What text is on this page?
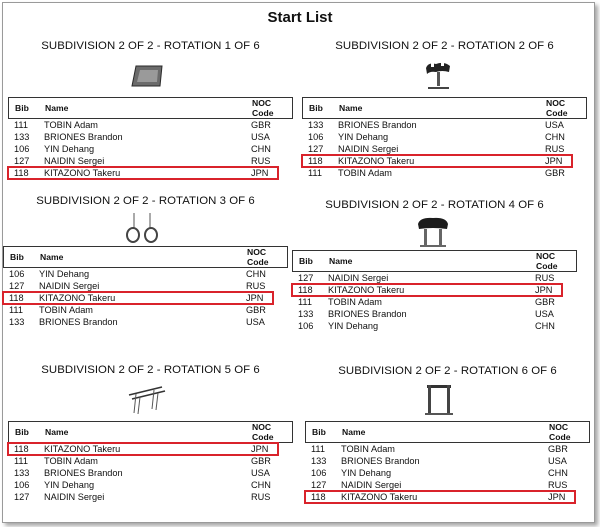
Start List
SUBDIVISION 2 OF 2 - ROTATION 1 OF 6
Bib Name	NOC
Code
111 TOBIN Adam	GBR
133 BRIONES Brandon	USA
106 YIN Dehang	CHN
127 NAIDIN Sergei	RUS
118 KITAZONO Takeru	JPN
SUBDIVISION 2 OF 2 - ROTATION 2 OF 6
Bib Name	NOC
Code
133 BRIONES Brandon	USA
106 YIN Dehang	CHN
127 NAIDIN Sergei	RUS
118 KITAZONO Takeru	JPN
111 TOBIN Adam	GBR
SUBDIVISION 2 OF 2 - ROTATION 3 OF 6
Bib Name	NOC
Code
106 YIN Dehang	CHN
127 NAIDIN Sergei	RUS
118 KITAZONO Takeru	JPN
111 TOBIN Adam	GBR
133 BRIONES Brandon	USA
SUBDIVISION 2 OF 2 - ROTATION 4 OF 6
Bib Name	NOC
Code
127 NAIDIN Sergei	RUS
118 KITAZONO Takeru	JPN
111 TOBIN Adam	GBR
133 BRIONES Brandon	USA
106 YIN Dehang	CHN
SUBDIVISION 2 OF 2 - ROTATION 5 OF 6
Bib Name	NOC
Code
118 KITAZONO Takeru	JPN
111 TOBIN Adam	GBR
133 BRIONES Brandon	USA
106 YIN Dehang	CHN
127 NAIDIN Sergei	RUS
SUBDIVISION 2 OF 2 - ROTATION 6 OF 6
Bib Name	NOC
Code
111 TOBIN Adam	GBR
133 BRIONES Brandon	USA
106 YIN Dehang	CHN
127 NAIDIN Sergei	RUS
118 KITAZONO Takeru	JPN
